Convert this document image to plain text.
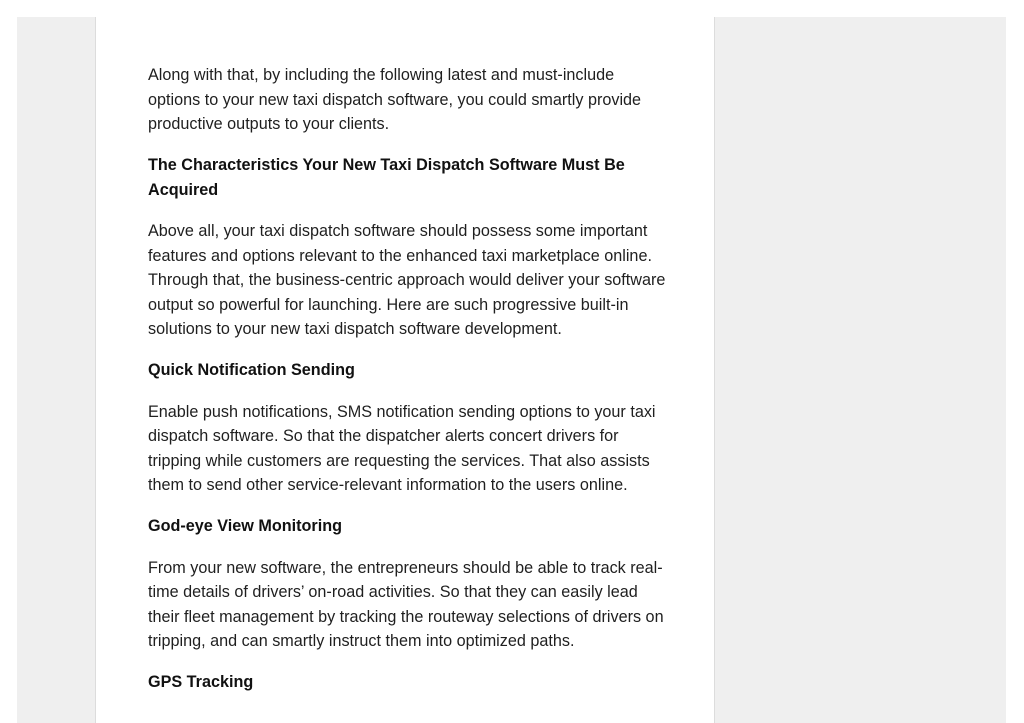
Along with that, by including the following latest and must-include options to your new taxi dispatch software, you could smartly provide productive outputs to your clients.

The Characteristics Your New Taxi Dispatch Software Must Be Acquired

Above all, your taxi dispatch software should possess some important features and options relevant to the enhanced taxi marketplace online. Through that, the business-centric approach would deliver your software output so powerful for launching. Here are such progressive built-in solutions to your new taxi dispatch software development.

Quick Notification Sending

Enable push notifications, SMS notification sending options to your taxi dispatch software. So that the dispatcher alerts concert drivers for tripping while customers are requesting the services. That also assists them to send other service-relevant information to the users online.

God-eye View Monitoring

From your new software, the entrepreneurs should be able to track real-time details of drivers’ on-road activities. So that they can easily lead their fleet management by tracking the routeway selections of drivers on tripping, and can smartly instruct them into optimized paths.

GPS Tracking
